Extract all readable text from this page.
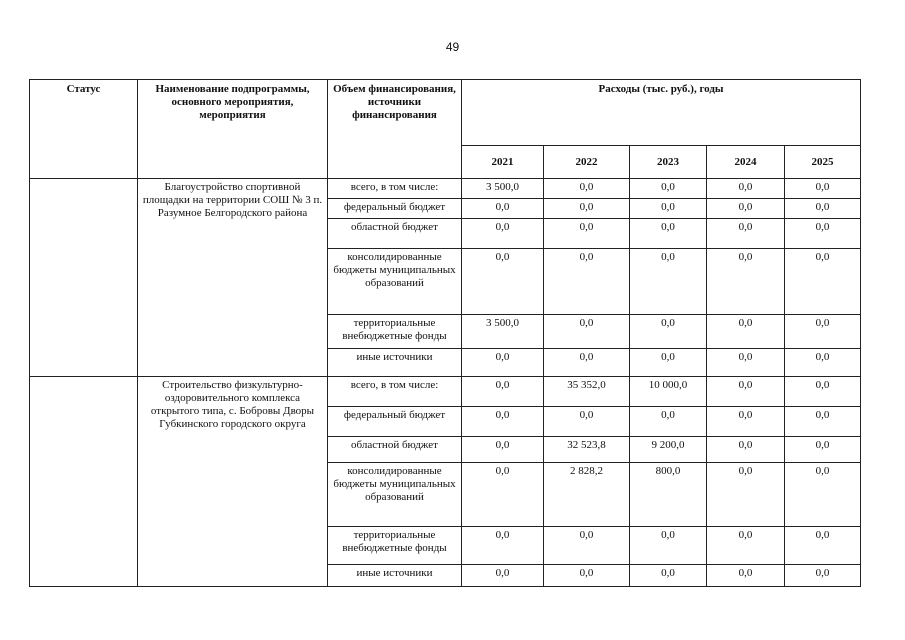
49
Статус	Наименование подпрограммы, основного мероприятия, мероприятия	Объем финансирования, источники финансирования	Расходы (тыс. руб.), годы				
			2021	2022	2023	2024	2025
	Благоустройство спортивной площадки на территории СОШ № 3 п. Разумное Белгородского района	всего, в том числе:	3 500,0	0,0	0,0	0,0	0,0
		федеральный бюджет	0,0	0,0	0,0	0,0	0,0
		областной бюджет	0,0	0,0	0,0	0,0	0,0
		консолидированные бюджеты муниципальных образований	0,0	0,0	0,0	0,0	0,0
		территориальные внебюджетные фонды	3 500,0	0,0	0,0	0,0	0,0
		иные источники	0,0	0,0	0,0	0,0	0,0
	Строительство физкультурно-оздоровительного комплекса открытого типа, с. Бобровы Дворы Губкинского городского округа	всего, в том числе:	0,0	35 352,0	10 000,0	0,0	0,0
		федеральный бюджет	0,0	0,0	0,0	0,0	0,0
		областной бюджет	0,0	32 523,8	9 200,0	0,0	0,0
		консолидированные бюджеты муниципальных образований	0,0	2 828,2	800,0	0,0	0,0
		территориальные внебюджетные фонды	0,0	0,0	0,0	0,0	0,0
		иные источники	0,0	0,0	0,0	0,0	0,0
